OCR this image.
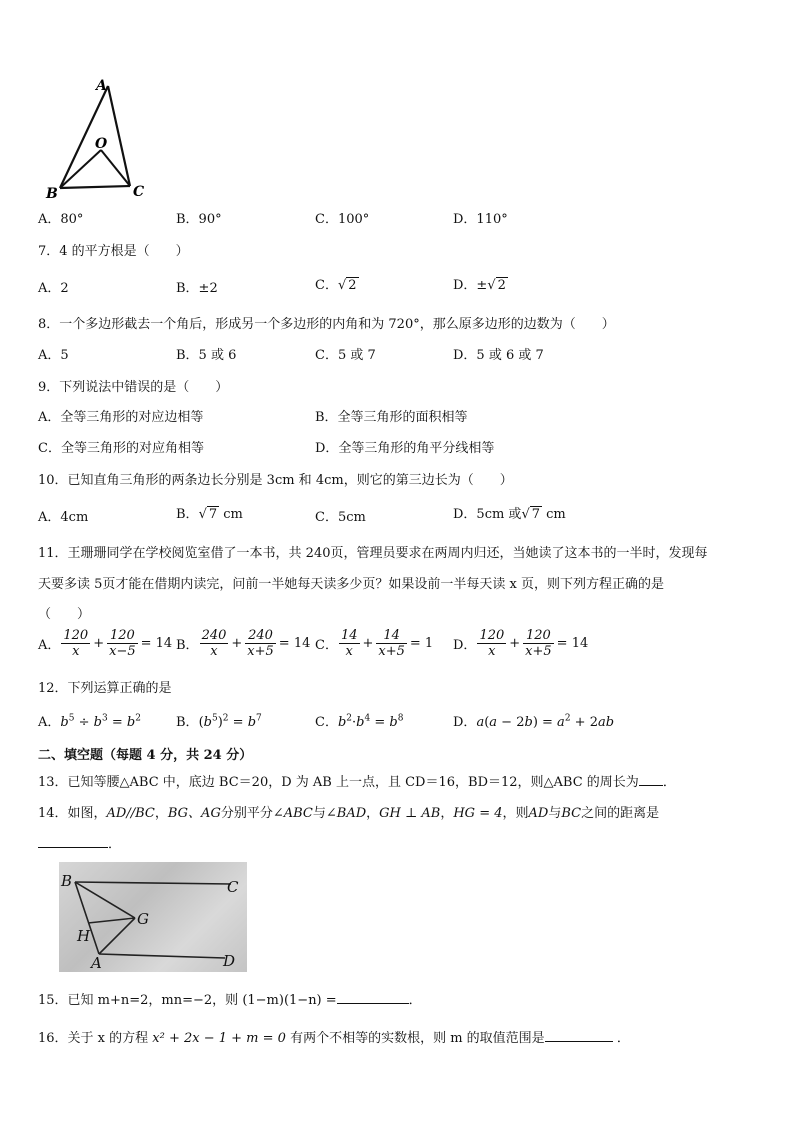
A
O
B	C
A．80°	B．90°	C．100°	D．110°
7．4 的平方根是（　　）
A．2	B．±2	C．√ 2	D．±√ 2
8．一个多边形截去一个角后，形成另一个多边形的内角和为 720°，那么原多边形的边数为（　　）
A．5	B．5 或 6	C．5 或 7	D．5 或 6 或 7
9．下列说法中错误的是（　　）
A．全等三角形的对应边相等	B．全等三角形的面积相等
C．全等三角形的对应角相等	D．全等三角形的角平分线相等
10．已知直角三角形的两条边长分别是 3cm 和 4cm，则它的第三边长为（　　）
A．4cm	B．√ 7 cm	C．5cm	D．5cm 或√ 7 cm
11．王珊珊同学在学校阅览室借了一本书，共 240页，管理员要求在两周内归还，当她读了这本书的一半时，发现每
天要多读 5页才能在借期内读完，问前一半她每天读多少页？如果设前一半每天读 x 页，则下列方程正确的是
（　　）
A． $\frac{120}{x} + \frac{120}{x-5} = 14$ B． $\frac{240}{x} + \frac{240}{x+5} = 14$ C． $\frac{14}{x} + \frac{14}{x+5} = 1$ D． $\frac{120}{x} + \frac{120}{x+5} = 14$
12．下列运算正确的是
A．$b^5 \div b^3 = b^2$	B．$(b^5)^2 = b^7$	C．$b^2\cdot b^4 = b^8$	D．$a(a - 2b) = a^2 + 2ab$
二、填空题（每题 4 分，共 24 分）
13．已知等腰△ABC 中，底边 BC＝20，D 为 AB 上一点，且 CD＝16，BD＝12，则△ABC 的周长为 ．
14．如图，AD//BC，BG、AG分别平分∠ABC与∠BAD，GH ⊥ AB，HG = 4，则AD与BC之间的距离是
．
B	C
G
H
A	D
15．已知 m+n=2，mn=−2，则 (1−m)(1−n) =	．
16．关于 x 的方程 x² + 2x − 1 + m = 0 有两个不相等的实数根，则 m 的取值范围是	．
